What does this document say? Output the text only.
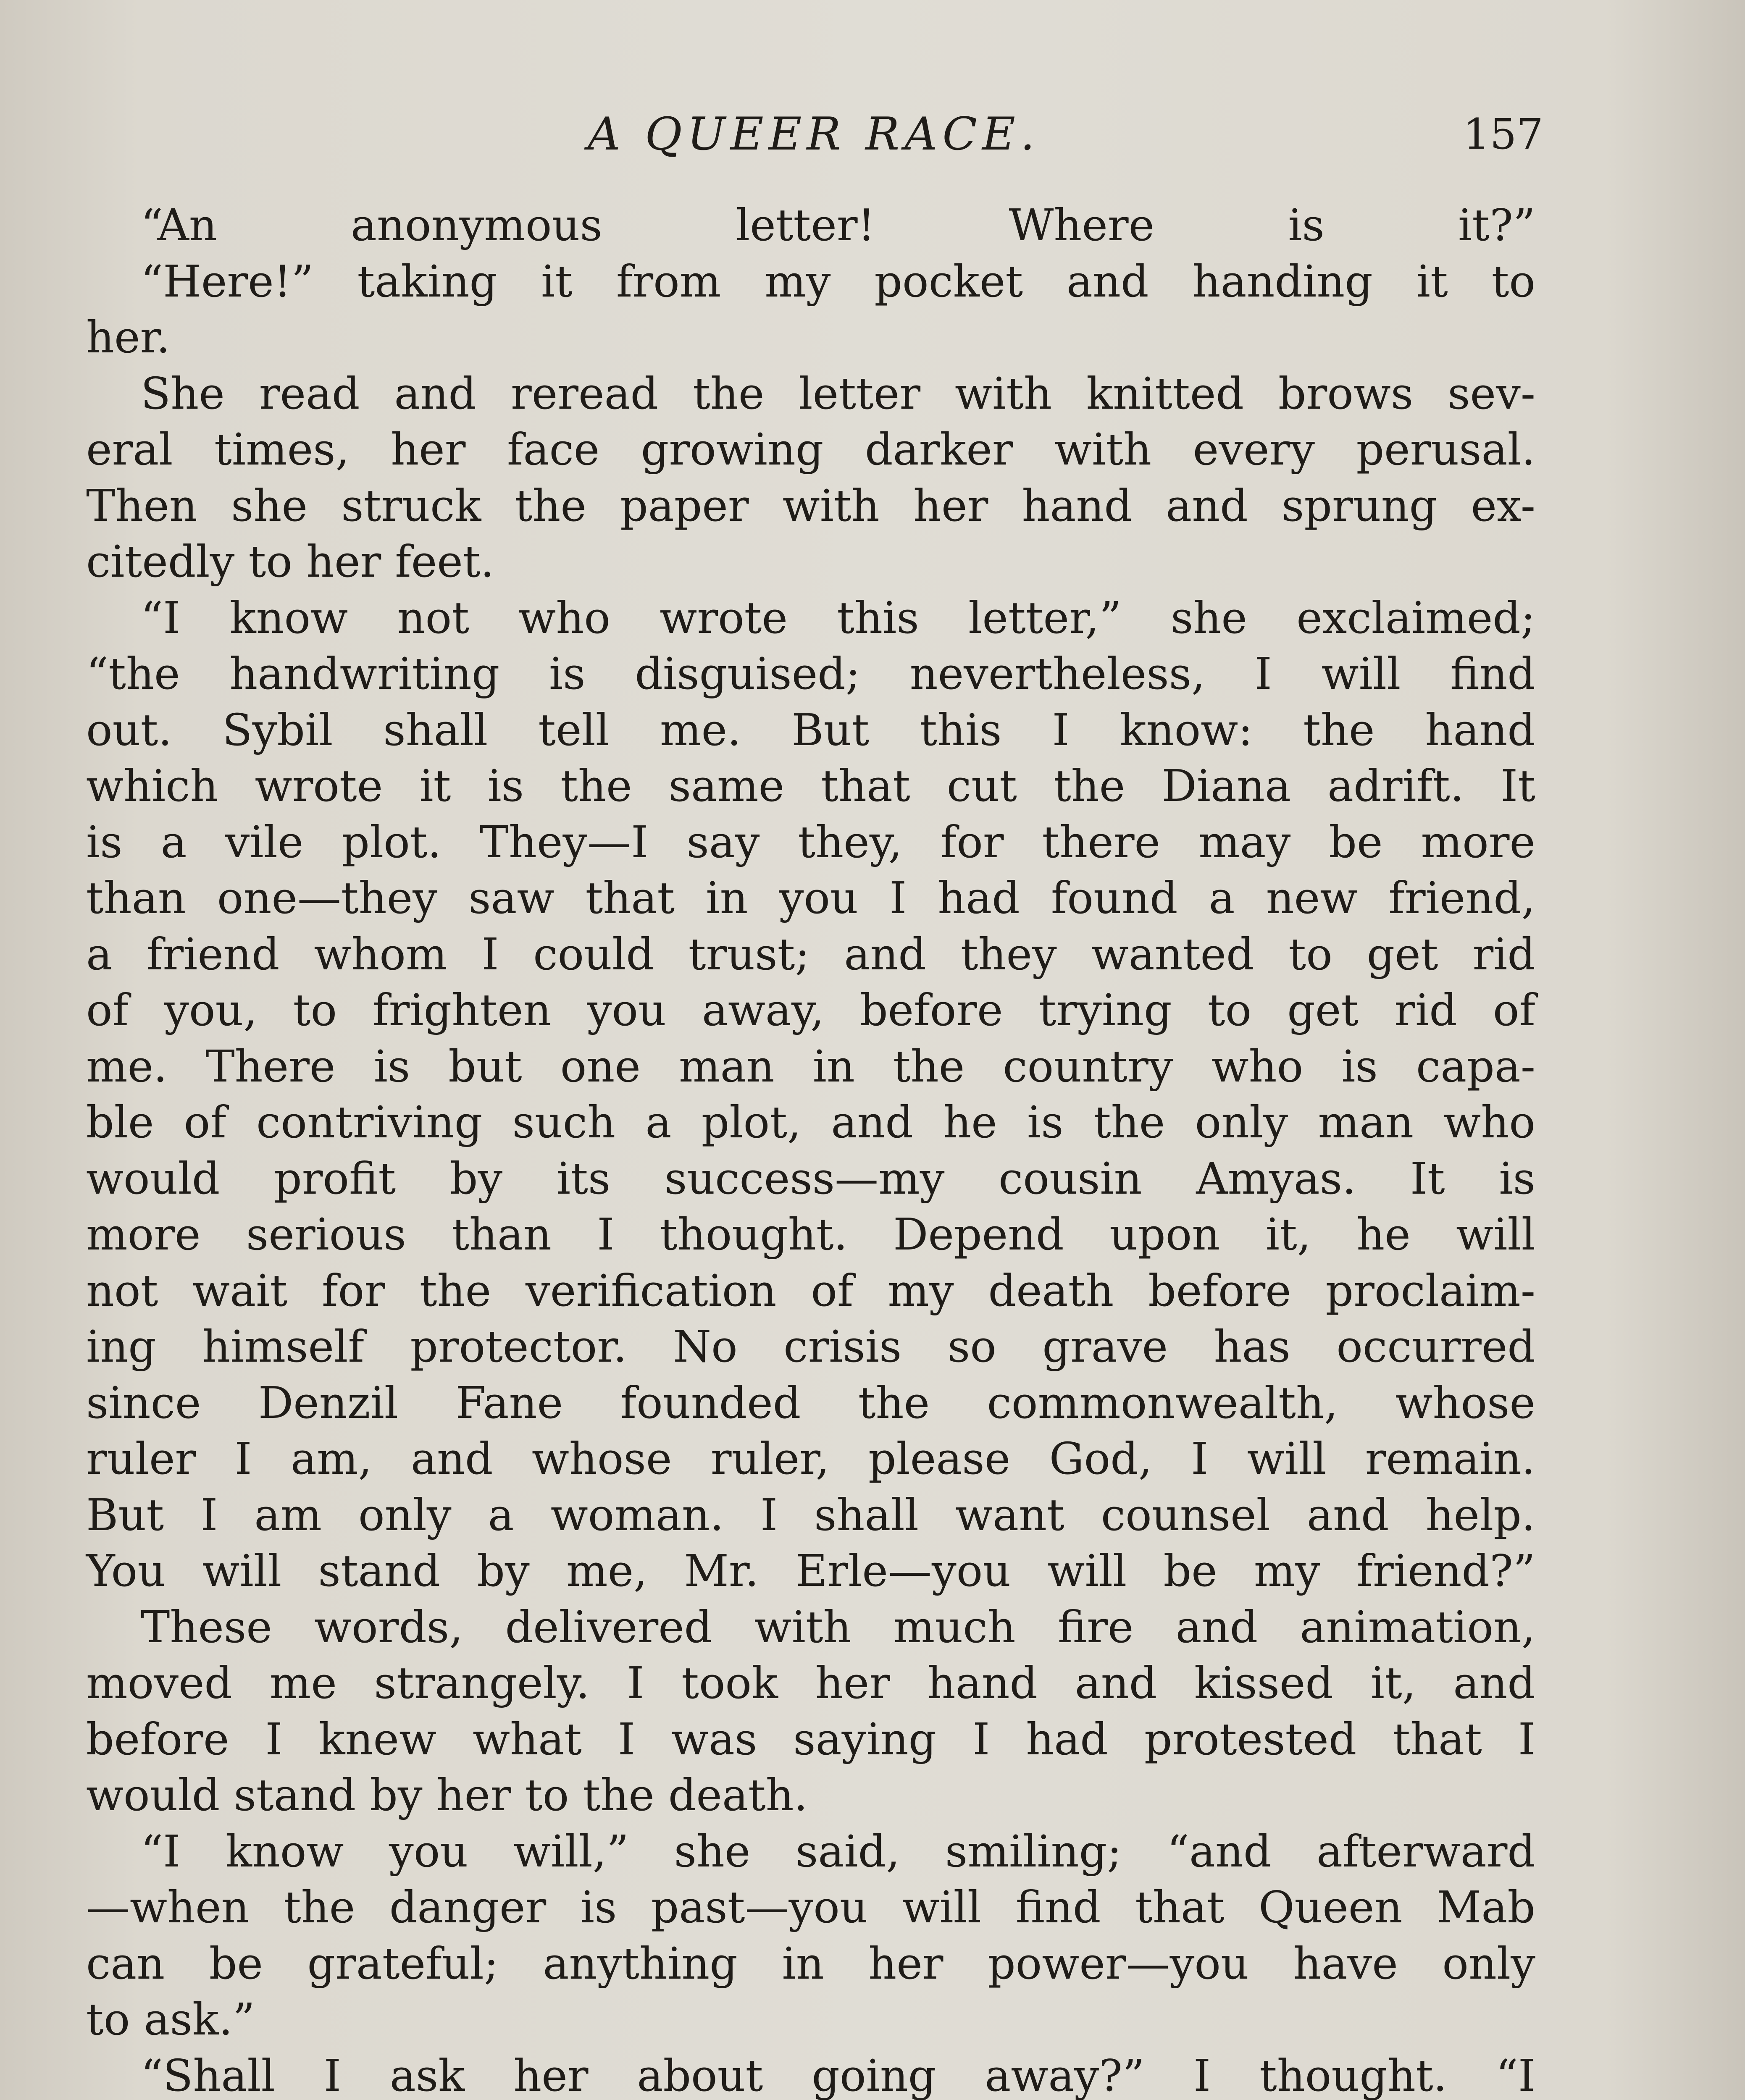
A QUEER RACE.	157
“An anonymous letter! Where is it?”
“Here!” taking it from my pocket and handing it to
her.
She read and reread the letter with knitted brows sev-
eral times, her face growing darker with every perusal.
Then she struck the paper with her hand and sprung ex-
citedly to her feet.
“I know not who wrote this letter,” she exclaimed;
“the handwriting is disguised; nevertheless, I will find
out. Sybil shall tell me. But this I know: the hand
which wrote it is the same that cut the Diana adrift. It
is a vile plot. They—I say they, for there may be more
than one—they saw that in you I had found a new friend,
a friend whom I could trust; and they wanted to get rid
of you, to frighten you away, before trying to get rid of
me. There is but one man in the country who is capa-
ble of contriving such a plot, and he is the only man who
would profit by its success—my cousin Amyas. It is
more serious than I thought. Depend upon it, he will
not wait for the verification of my death before proclaim-
ing himself protector. No crisis so grave has occurred
since Denzil Fane founded the commonwealth, whose
ruler I am, and whose ruler, please God, I will remain.
But I am only a woman. I shall want counsel and help.
You will stand by me, Mr. Erle—you will be my friend?”
These words, delivered with much fire and animation,
moved me strangely. I took her hand and kissed it, and
before I knew what I was saying I had protested that I
would stand by her to the death.
“I know you will,” she said, smiling; “and afterward
—when the danger is past—you will find that Queen Mab
can be grateful; anything in her power—you have only
to ask.”
“Shall I ask her about going away?” I thought. “I
